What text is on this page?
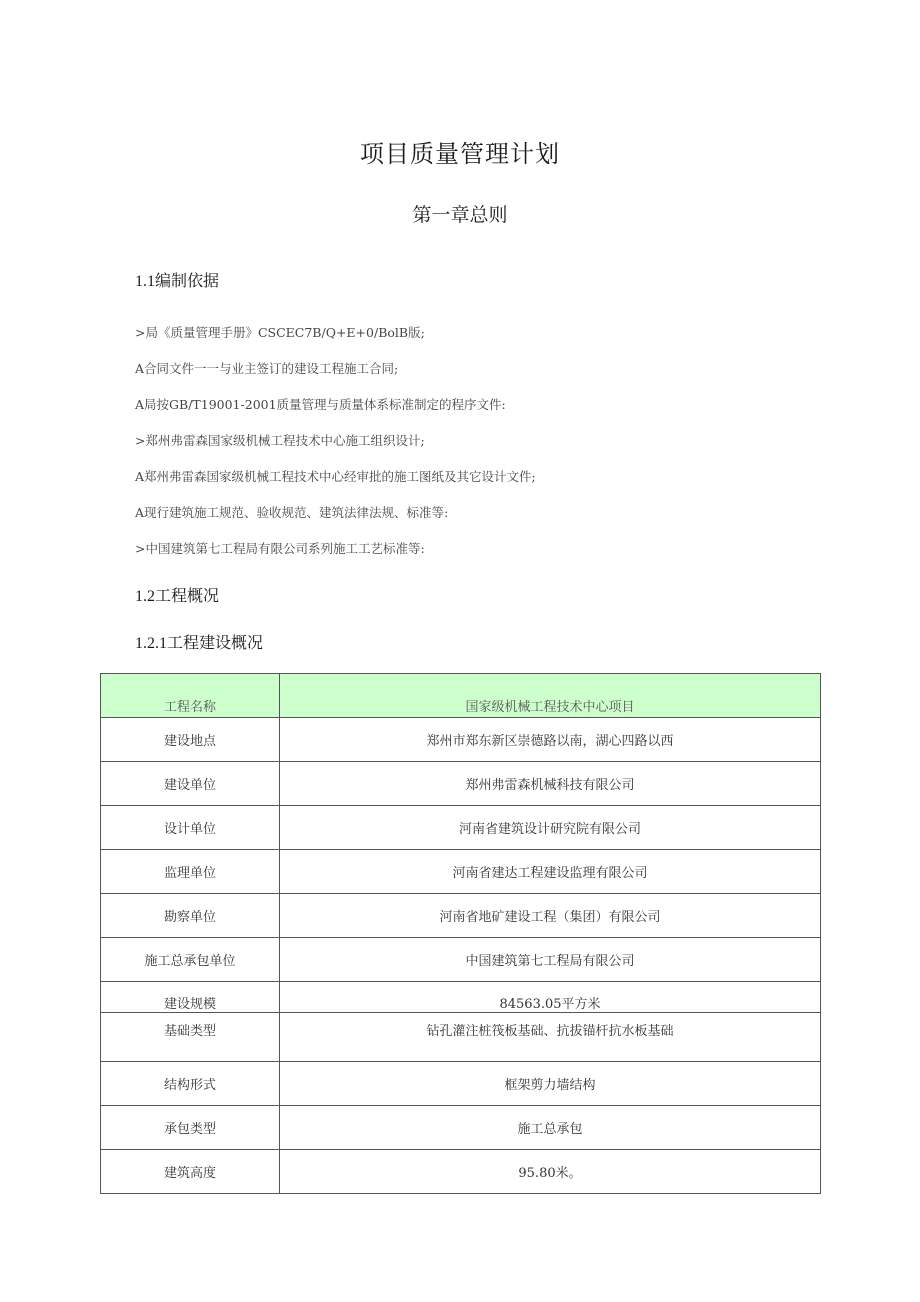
项目质量管理计划
第一章总则
1.1编制依据
>局《质量管理手册》CSCEC7B/Q+E+0/BolB版;
A合同文件一一与业主签订的建设工程施工合同;
A局按GB/T19001-2001质量管理与质量体系标准制定的程序文件:
>郑州弗雷森国家级机械工程技术中心施工组织设计;
A郑州弗雷森国家级机械工程技术中心经审批的施工图纸及其它设计文件;
A现行建筑施工规范、验收规范、建筑法律法规、标准等:
>中国建筑第七工程局有限公司系列施工工艺标准等:
1.2工程概况
1.2.1工程建设概况
工程名称	国家级机械工程技术中心项目
建设地点	郑州市郑东新区崇德路以南，湖心四路以西
建设单位	郑州弗雷森机械科技有限公司
设计单位	河南省建筑设计研究院有限公司
监理单位	河南省建达工程建设监理有限公司
勘察单位	河南省地矿建设工程（集团）有限公司
施工总承包单位	中国建筑第七工程局有限公司
建设规模	84563.05平方米
基础类型	钻孔灌注桩筏板基础、抗拔锚杆抗水板基础
结构形式	框架剪力墙结构
承包类型	施工总承包
建筑高度	95.80米。
